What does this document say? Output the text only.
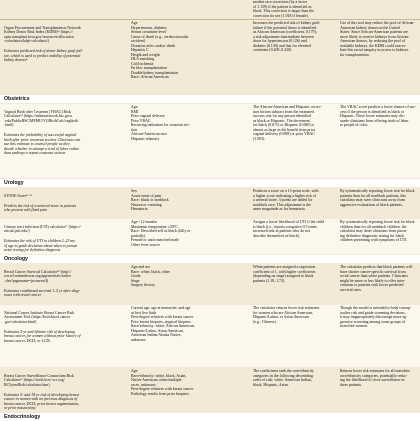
modest race correction (by a factor
of 1.159) if the patient is identified as
black. This correction is larger than the
correction for sex (1.018 if female).

Organ Procurement and Transplantation Network
Kidney Donor Risk Index (KDRI)¹³ (https://
optn.transplant.hrsa.gov/resources/allocation
-calculators/kdpi-calculator/)

Estimates predicted risk of donor kidney graft fail-
ure, which is used to predict viability of potential
kidney donors⁴

Age
Hypertension, diabetes
Serum creatinine level
Cause of death (e.g., cerebrovascular
accident)
Donation after cardiac death
Hepatitis C
Height and weight
HLA matching
Cold ischemia
En bloc transplantation
Double kidney transplantation
Race: African American
Increases the predicted risk of kidney graft
failure if the potential donor is identified
as African American (coefficient, 0.179);
a risk adjustment intermediate between
those for hypertension (0.126) and
diabetes (0.130) and that for elevated
creatinine (0.209–0.220).
Use of this tool may reduce the pool of African-
American kidney donors in the United
States. Since African-American patients are
more likely to receive kidneys from African-
American donors, by reducing the pool of
available kidneys, the KDRI could exacer-
bate this racial inequity in access to kidneys
for transplantation.
Obstetrics

Vaginal Birth after Cesarean (VBAC) Risk
Calculator¹⁴ (https://mfmunetwork.bsc.gwu
.edu/PublicBSC/MFMU/VGBirthCalc/vagbirth
.html)

Estimates the probability of successful vaginal
birth after prior cesarean section. Clinicians can
use this estimate to counsel people as they
decide whether to attempt a trial of labor rather
than undergo a repeat cesarean section.

Age
BMI
Prior vaginal delivery
Prior VBAC
Recurring indication for cesarean sec-
tion
African-American race
Hispanic ethnicity
The African-American and Hispanic correc-
tion factors subtract from the estimated
success rate for any person identified
as black or Hispanic. The decrement
for black (0.671) or Hispanic (0.680) is
almost as large as the benefit from prior
vaginal delivery (0.888) or prior VBAC
(1.003).
The VBAC score predicts a lower chance of suc-
cess if the person is identified as black or
Hispanic. These lower estimates may dis-
suade clinicians from offering trials of labor
to people of color.
Urology

STONE Score¹⁵ ¹⁶

Predicts the risk of a ureteral stone in patients
who present with flank pain

Sex
Acute onset of pain
Race: black or nonblack
Nausea or vomiting
Hematuria
Produces a score on a 13-point scale, with
a higher score indicating a higher risk of
a ureteral stone. 3 points are added for
nonblack race. This adjustment is the
same magnitude as for hematuria.
By systematically reporting lower risk for black
patients than for all nonblack patients, this
calculator may steer clinicians away from
aggressive evaluations of black patients.

Urinary tract infection (UTI) calculator¹⁷ (https://
uticalc.pitt.edu/)

Estimates the risk of UTI in children 2–23 mo
of age to guide decisions about when to pursue
urine testing for definitive diagnosis

Age <12 months
Maximum temperature ≥39°C
Race: Described self as black (fully or
partially)
Female or uncircumcised male
Other fever source
Assigns a lower likelihood of UTI if the child
is black (i.e., reports a negative 0.5 times
increased risk in patients who do not
describe themselves as black).
By systematically reporting lower risk for black
children than for all nonblack children, the
calculator may deter clinicians from pursu-
ing definitive diagnostic testing for black
children presenting with symptoms of UTI.
Oncology

Rectal Cancer Survival Calculator¹⁸ (http://
www3.mdanderson.org/app/medcalc/index
.cfm?pagename=jsconvert3)

Estimates conditional survival 1–5 yr after diag-
nosis with rectal cancer

Age and sex
Race: white, black, other
Grade
Stage
Surgery history
White patients are assigned a regression
coefficient of 1, with higher coefficients
(depending on stage) assigned to black
patients (1.18–1.72).
The calculator predicts that black patients will
have shorter cancer-specific survival from
rectal cancer than white patients. Clinicians
might be more or less likely to offer inter-
ventions to patients with lower predicted
survival rates.

National Cancer Institute Breast Cancer Risk
Assessment Tool (https://bcrisktool.cancer
.gov/calculator.html)

Estimates 5-yr and lifetime risk of developing
breast cancer, for women without prior history of
breast cancer, DCIS, or LCIS.

Current age, age at menarche, and age
at first live birth
First-degree relatives with breast cancer
Prior breast biopsies, atypical biopsies
Race/ethnicity: white, African American,
Hispanic/Latina, Asian American,
American Indian/Alaska Native,
unknown
The calculator returns lower risk estimates
for women who are African American,
Hispanic/Latina, or Asian American
(e.g., Chinese).
Though the model is intended to help concep-
tualize risk and guide screening decisions,
it may inappropriately discourage more ag-
gressive screening among some groups of
nonwhite women.

Breast Cancer Surveillance Consortium Risk
Calculator¹⁹ (https://tools.bcsc-scc.org/
BC5yearRisk/calculator.htm)

Estimates 5- and 10-yr risk of developing breast
cancer in women with no previous diagnosis of
breast cancer, DCIS, prior breast augmentation,
or prior mastectomy

Age
Race/ethnicity: white, black, Asian,
Native American, other/multiple
races, unknown
First-degree relatives with breast cancer
Pathology results from prior biopsies
The coefficients rank the race/ethnicity
categories in the following descending
order of risk: white, American Indian,
black, Hispanic, Asian.
Returns lower risk estimates for all nonwhite
race/ethnicity categories, potentially reduc-
ing the likelihood of close surveillance in
these patients.
Endocrinology
